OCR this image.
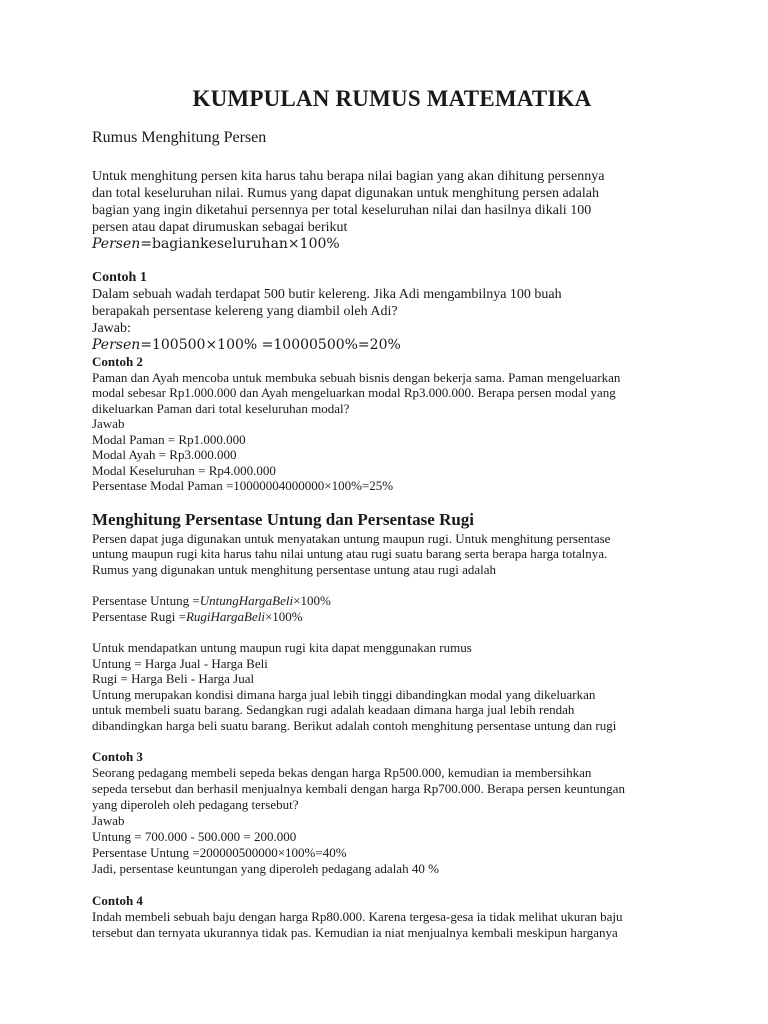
KUMPULAN RUMUS MATEMATIKA
Rumus Menghitung Persen

Untuk menghitung persen kita harus tahu berapa nilai bagian yang akan dihitung persennya

dan total keseluruhan nilai. Rumus yang dapat digunakan untuk menghitung persen adalah

bagian yang ingin diketahui persennya per total keseluruhan nilai dan hasilnya dikali 100

persen atau dapat dirumuskan sebagai berikut

Persen=bagiankeseluruhan×100%

Contoh 1

Dalam sebuah wadah terdapat 500 butir kelereng. Jika Adi mengambilnya 100 buah

berapakah persentase kelereng yang diambil oleh Adi?

Jawab:

Persen=100500×100% =10000500%=20%

Contoh 2

Paman dan Ayah mencoba untuk membuka sebuah bisnis dengan bekerja sama. Paman mengeluarkan

modal sebesar Rp1.000.000 dan Ayah mengeluarkan modal Rp3.000.000. Berapa persen modal yang

dikeluarkan Paman dari total keseluruhan modal?

Jawab

Modal Paman = Rp1.000.000

Modal Ayah = Rp3.000.000

Modal Keseluruhan = Rp4.000.000

Persentase Modal Paman =10000004000000×100%=25%

Menghitung Persentase Untung dan Persentase Rugi

Persen dapat juga digunakan untuk menyatakan untung maupun rugi. Untuk menghitung persentase

untung maupun rugi kita harus tahu nilai untung atau rugi suatu barang serta berapa harga totalnya.

Rumus yang digunakan untuk menghitung persentase untung atau rugi adalah

Persentase Untung =UntungHargaBeli×100%

Persentase Rugi =RugiHargaBeli×100%

Untuk mendapatkan untung maupun rugi kita dapat menggunakan rumus

Untung = Harga Jual - Harga Beli

Rugi = Harga Beli - Harga Jual

Untung merupakan kondisi dimana harga jual lebih tinggi dibandingkan modal yang dikeluarkan

untuk membeli suatu barang. Sedangkan rugi adalah keadaan dimana harga jual lebih rendah

dibandingkan harga beli suatu barang. Berikut adalah contoh menghitung persentase untung dan rugi

Contoh 3

Seorang pedagang membeli sepeda bekas dengan harga Rp500.000, kemudian ia membersihkan

sepeda tersebut dan berhasil menjualnya kembali dengan harga Rp700.000. Berapa persen keuntungan

yang diperoleh oleh pedagang tersebut?

Jawab

Untung = 700.000 - 500.000 = 200.000

Persentase Untung =200000500000×100%=40%

Jadi, persentase keuntungan yang diperoleh pedagang adalah 40 %

Contoh 4

Indah membeli sebuah baju dengan harga Rp80.000. Karena tergesa-gesa ia tidak melihat ukuran baju

tersebut dan ternyata ukurannya tidak pas. Kemudian ia niat menjualnya kembali meskipun harganya
